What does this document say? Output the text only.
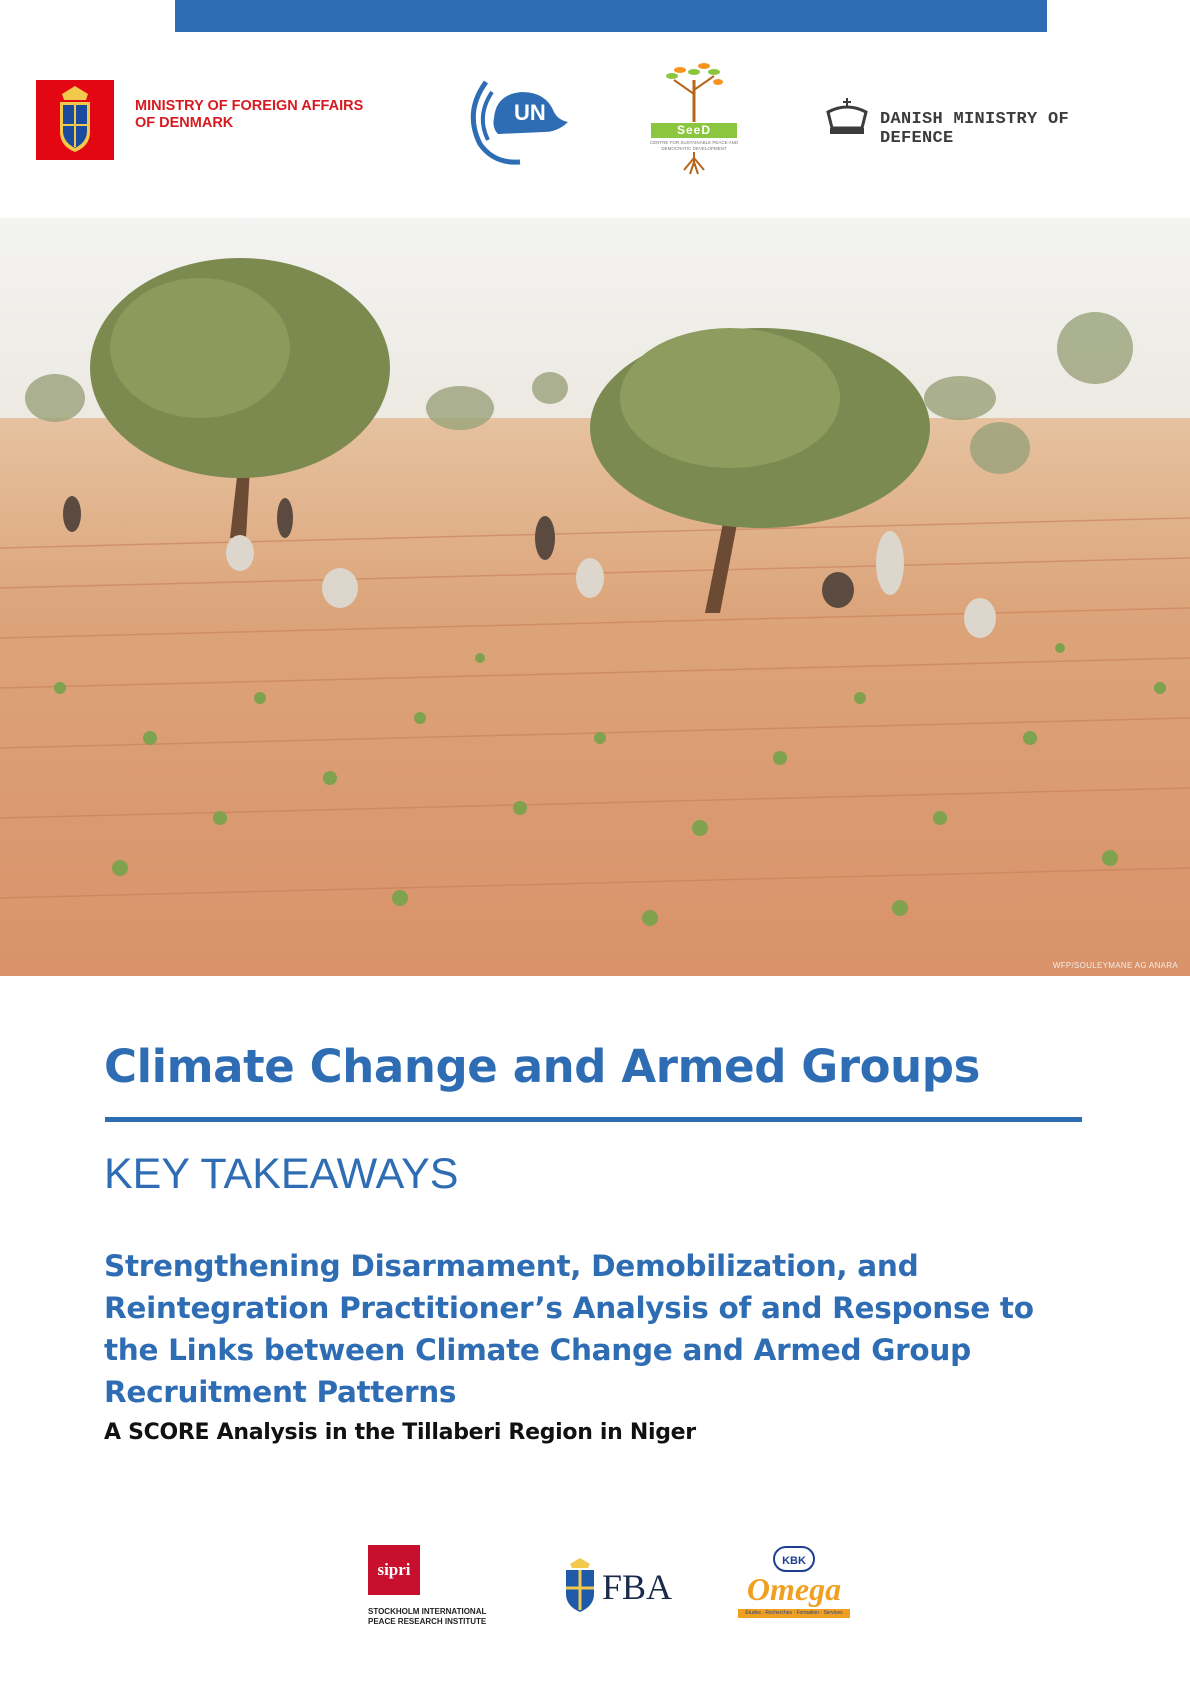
MINISTRY OF FOREIGN AFFAIRS
OF DENMARK	UN
SeeD
CENTRE FOR SUSTAINABLE PEACE AND DEMOCRATIC DEVELOPMENT
DANISH MINISTRY OF DEFENCE
WFP/SOULEYMANE AG ANARA
Climate Change and Armed Groups
KEY TAKEAWAYS
Strengthening Disarmament, Demobilization, and
Reintegration Practitioner’s Analysis of and Response to
the Links between Climate Change and Armed Group
Recruitment Patterns
A SCORE Analysis in the Tillaberi Region in Niger
sipri
STOCKHOLM INTERNATIONAL
PEACE RESEARCH INSTITUTE
FBA
KBK
Omega
Études · Recherches · Formation · Services
